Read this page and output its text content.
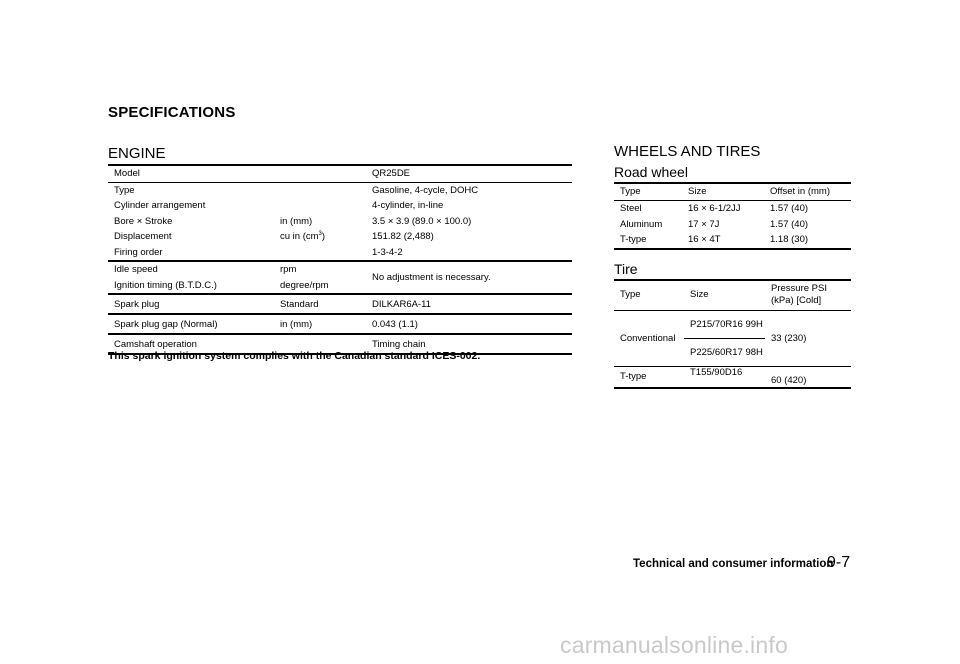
SPECIFICATIONS
ENGINE
Model		QR25DE
Type		Gasoline, 4-cycle, DOHC
Cylinder arrangement		4-cylinder, in-line
Bore × Stroke	in (mm)	3.5 × 3.9 (89.0 × 100.0)
Displacement	cu in $(cm^3)$	151.82 (2,488)
Firing order		1-3-4-2
Idle speed	rpm	No adjustment is necessary.
Ignition timing (B.T.D.C.)	degree/rpm	
Spark plug	Standard	DILKAR6A-11
Spark plug gap (Normal)	in (mm)	0.043 (1.1)
Camshaft operation		Timing chain

This spark ignition system complies with the Canadian standard ICES-002.

WHEELS AND TIRES
Road wheel
Type	Size	Offset in (mm)
Steel	16 × 6-1/2JJ	1.57 (40)
Aluminum	17 × 7J	1.57 (40)
T-type	16 × 4T	1.18 (30)
Tire
Type	Size	Pressure PSI (kPa) [Cold]
Conventional	P215/70R16 99H	33 (230)
	P225/60R17 98H	
T-type	T155/90D16	60 (420)
Technical and consumer information
9-7
carmanualsonline.info
